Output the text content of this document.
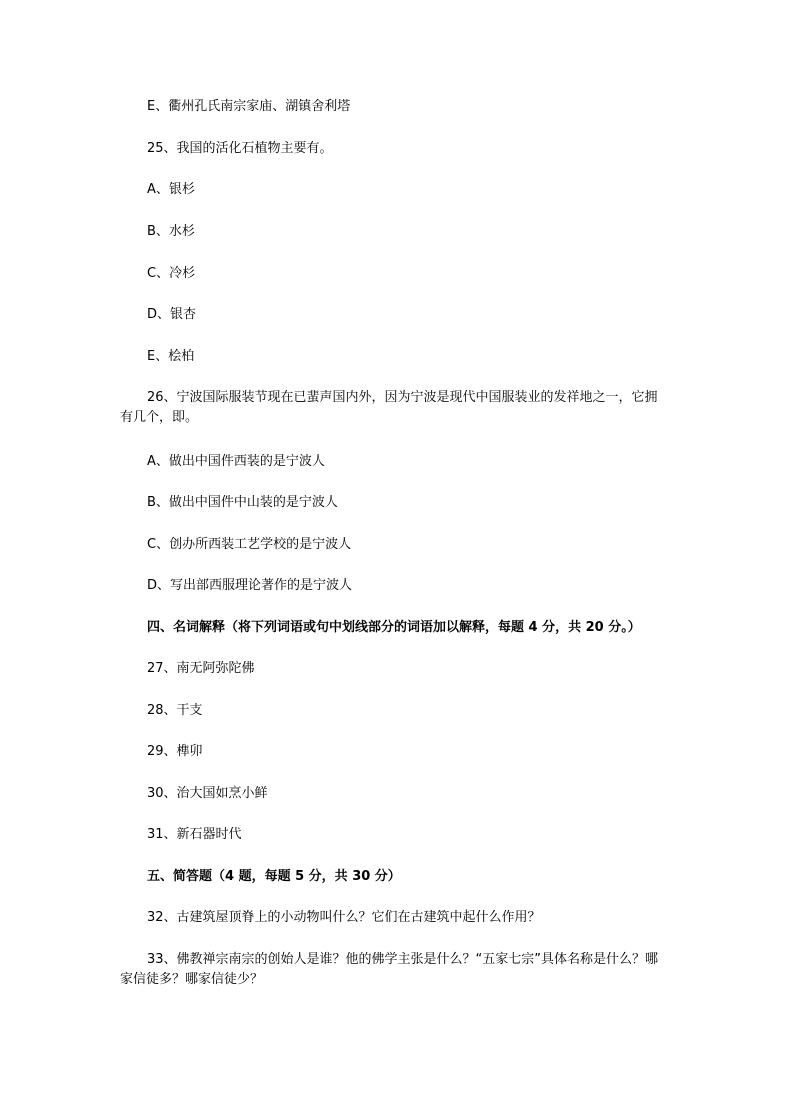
E、衢州孔氏南宗家庙、湖镇舍利塔
25、我国的活化石植物主要有。
A、银杉
B、水杉
C、冷杉
D、银杏
E、桧柏
26、宁波国际服装节现在已蜚声国内外，因为宁波是现代中国服装业的发祥地之一，它拥有几个，即。
A、做出中国件西装的是宁波人
B、做出中国件中山装的是宁波人
C、创办所西装工艺学校的是宁波人
D、写出部西服理论著作的是宁波人
四、名词解释（将下列词语或句中划线部分的词语加以解释，每题 4 分，共 20 分。）
27、南无阿弥陀佛
28、干支
29、榫卯
30、治大国如烹小鲜
31、新石器时代
五、简答题（4 题，每题 5 分，共 30 分）
32、古建筑屋顶脊上的小动物叫什么？它们在古建筑中起什么作用？
33、佛教禅宗南宗的创始人是谁？他的佛学主张是什么？“五家七宗”具体名称是什么？哪家信徒多？哪家信徒少？
